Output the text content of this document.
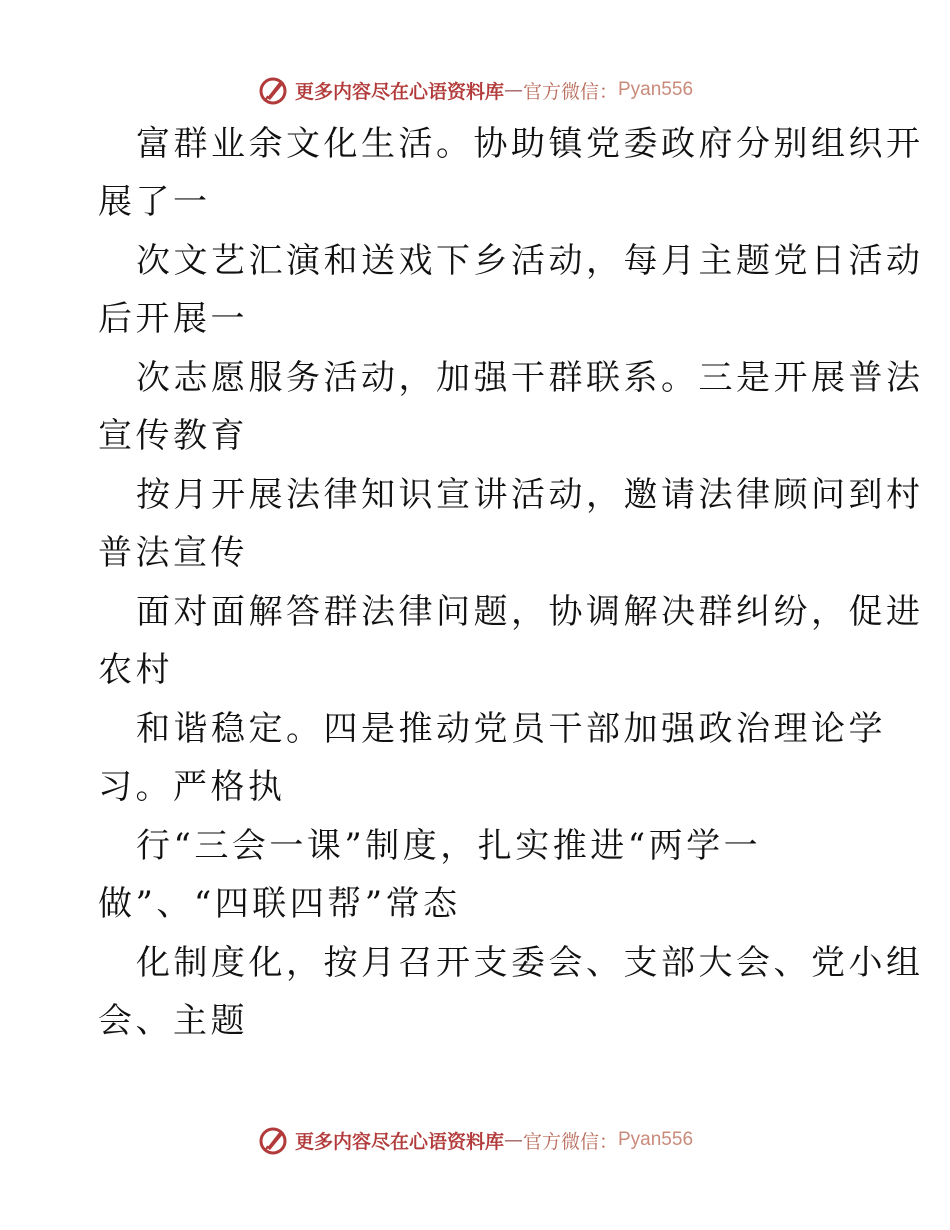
更多内容尽在心语资料库 — 官方微信： Pyan556
富群业余文化生活。协助镇党委政府分别组织开
展了一
次文艺汇演和送戏下乡活动，每月主题党日活动
后开展一
次志愿服务活动，加强干群联系。三是开展普法
宣传教育
按月开展法律知识宣讲活动，邀请法律顾问到村
普法宣传
面对面解答群法律问题，协调解决群纠纷，促进
农村
和谐稳定。四是推动党员干部加强政治理论学
习。严格执
行“三会一课”制度，扎实推进“两学一
做”、“四联四帮”常态
化制度化，按月召开支委会、支部大会、党小组
会、主题
更多内容尽在心语资料库 — 官方微信： Pyan556
